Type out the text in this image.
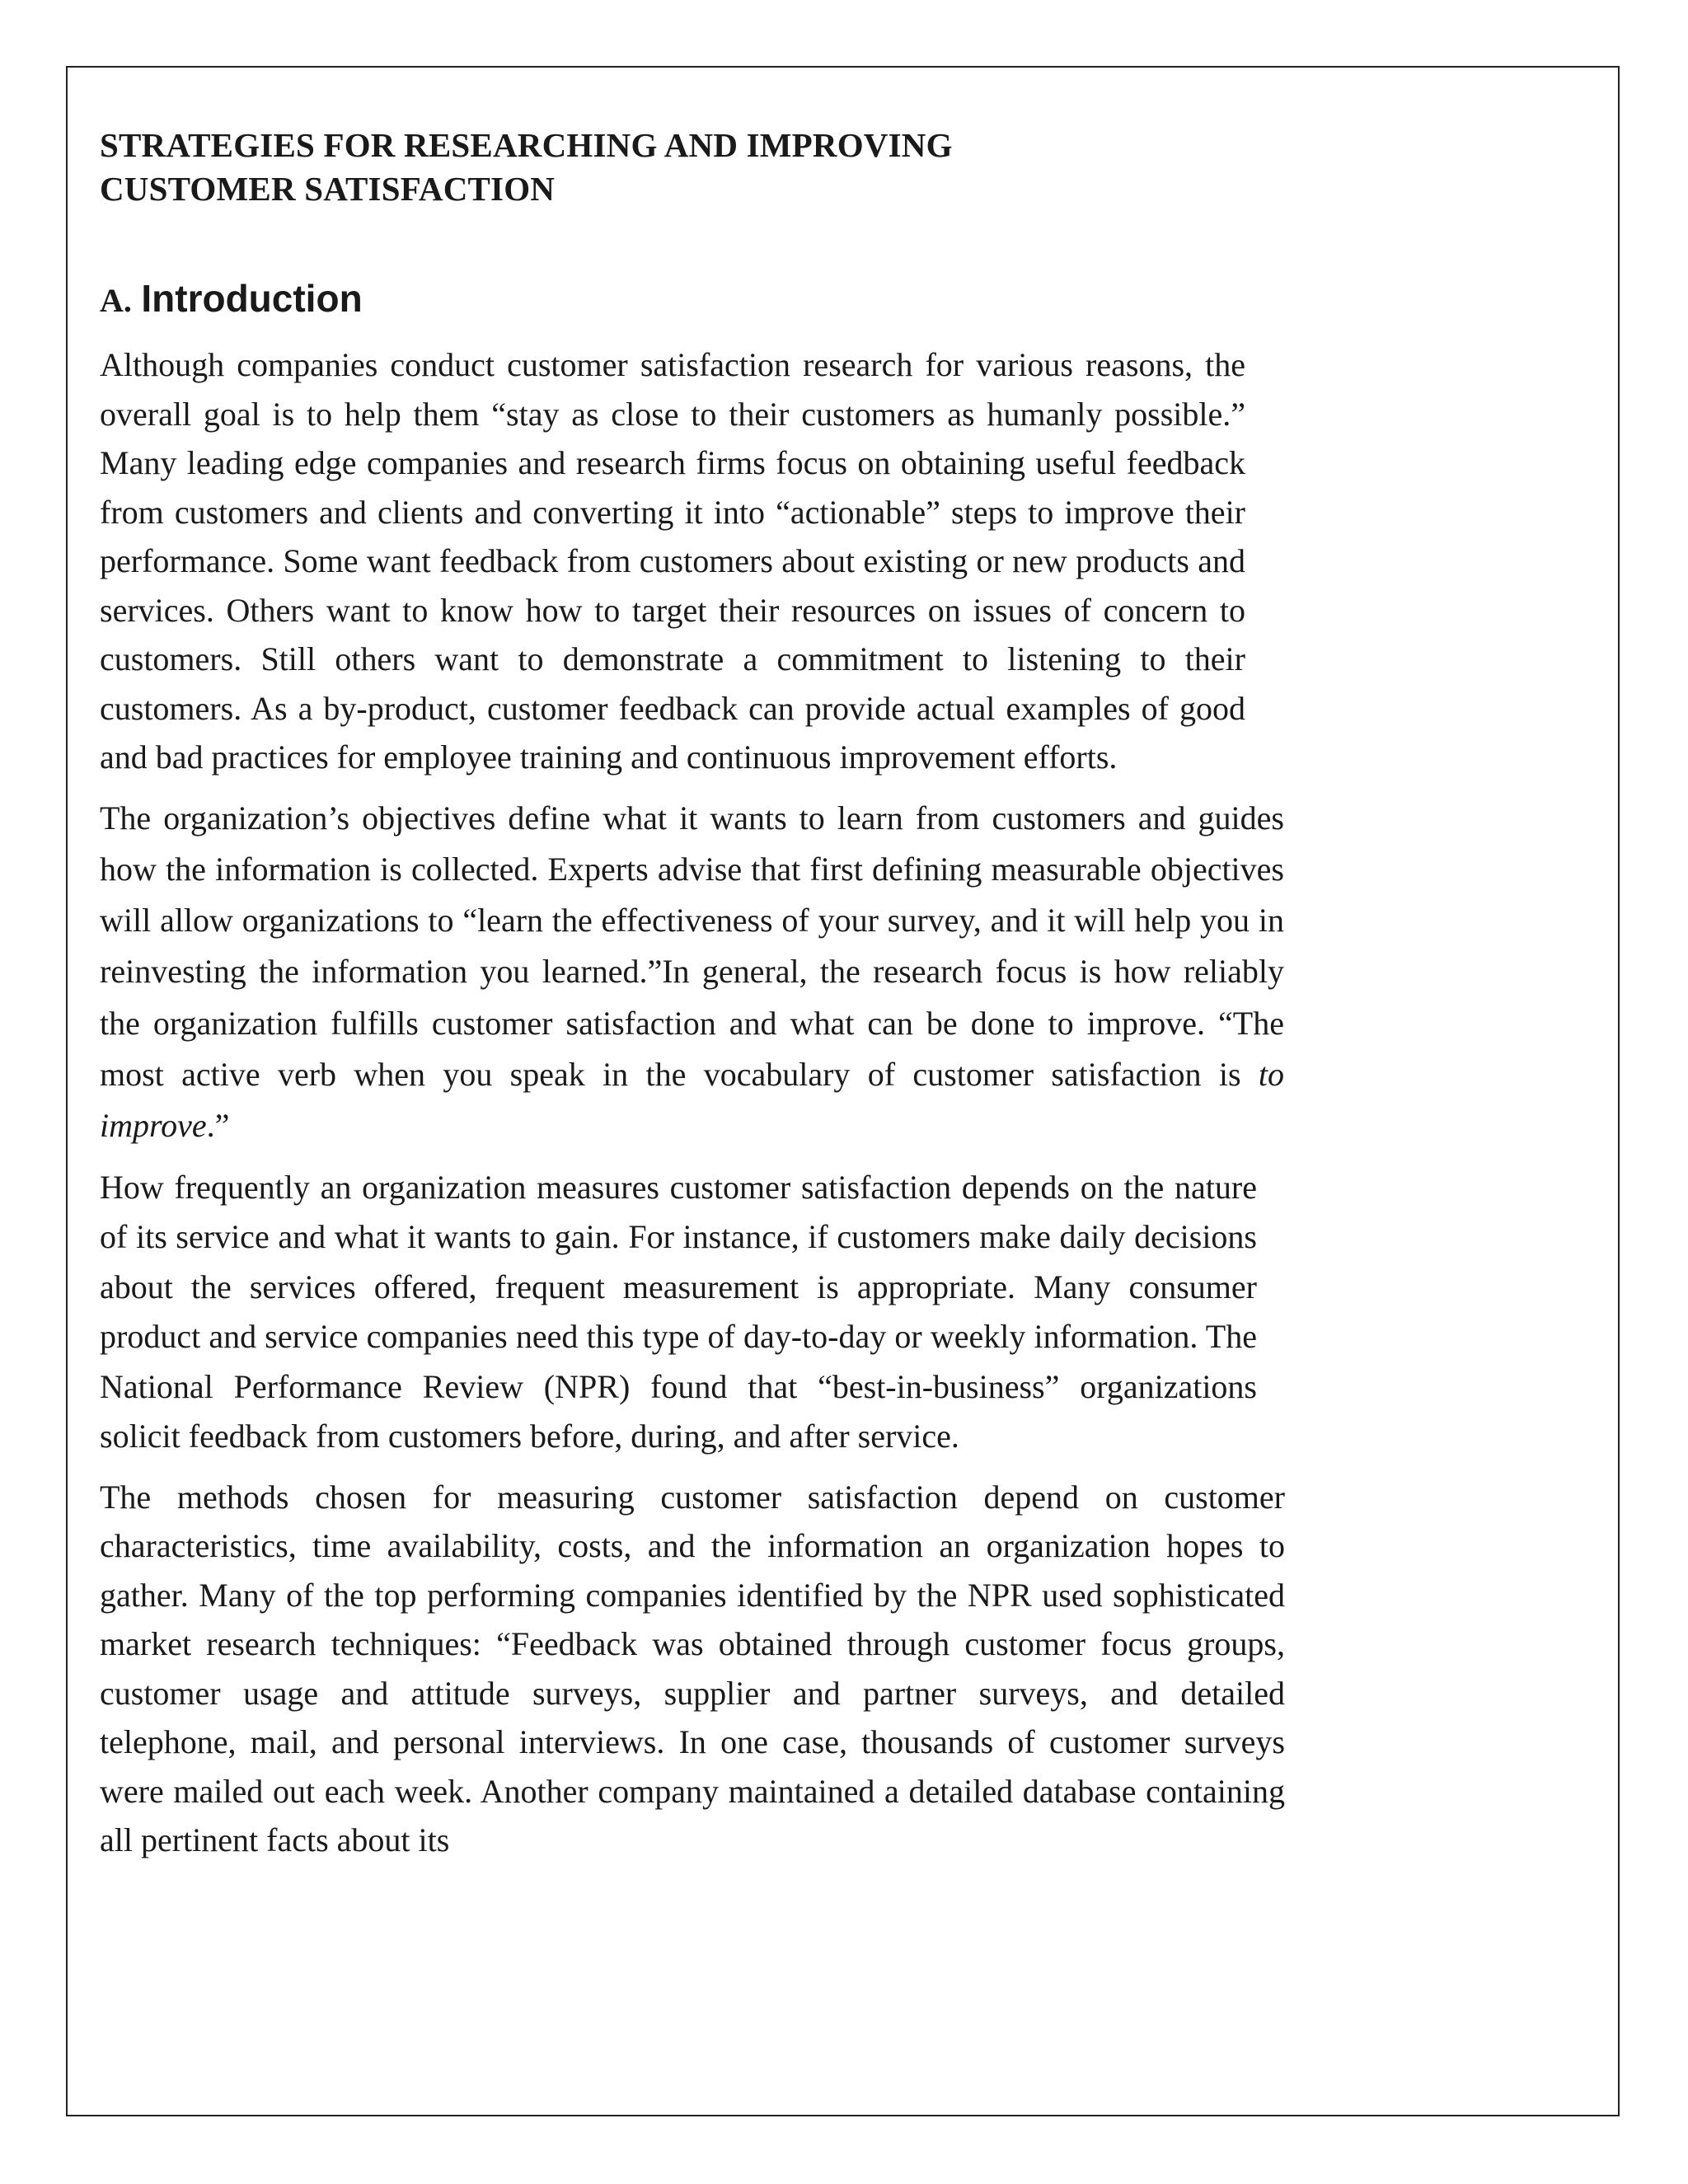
STRATEGIES FOR RESEARCHING AND IMPROVING
CUSTOMER SATISFACTION
A. Introduction

Although companies conduct customer satisfaction research for various reasons, the overall goal is to help them “stay as close to their customers as humanly possible.” Many leading edge companies and research firms focus on obtaining useful feedback from customers and clients and converting it into “actionable” steps to improve their performance. Some want feedback from customers about existing or new products and services. Others want to know how to target their resources on issues of concern to customers. Still others want to demonstrate a commitment to listening to their customers. As a by-product, customer feedback can provide actual examples of good and bad practices for employee training and continuous improvement efforts.

The organization’s objectives define what it wants to learn from customers and guides how the information is collected. Experts advise that first defining measurable objectives will allow organizations to “learn the effectiveness of your survey, and it will help you in reinvesting the information you learned.”In general, the research focus is how reliably the organization fulfills customer satisfaction and what can be done to improve. “The most active verb when you speak in the vocabulary of customer satisfaction is to improve.”

How frequently an organization measures customer satisfaction depends on the nature of its service and what it wants to gain. For instance, if customers make daily decisions about the services offered, frequent measurement is appropriate. Many consumer product and service companies need this type of day-to-day or weekly information. The National Performance Review (NPR) found that “best-in-business” organizations solicit feedback from customers before, during, and after service.

The methods chosen for measuring customer satisfaction depend on customer characteristics, time availability, costs, and the information an organization hopes to gather. Many of the top performing companies identified by the NPR used sophisticated market research techniques: “Feedback was obtained through customer focus groups, customer usage and attitude surveys, supplier and partner surveys, and detailed telephone, mail, and personal interviews. In one case, thousands of customer surveys were mailed out each week. Another company maintained a detailed database containing all pertinent facts about its
